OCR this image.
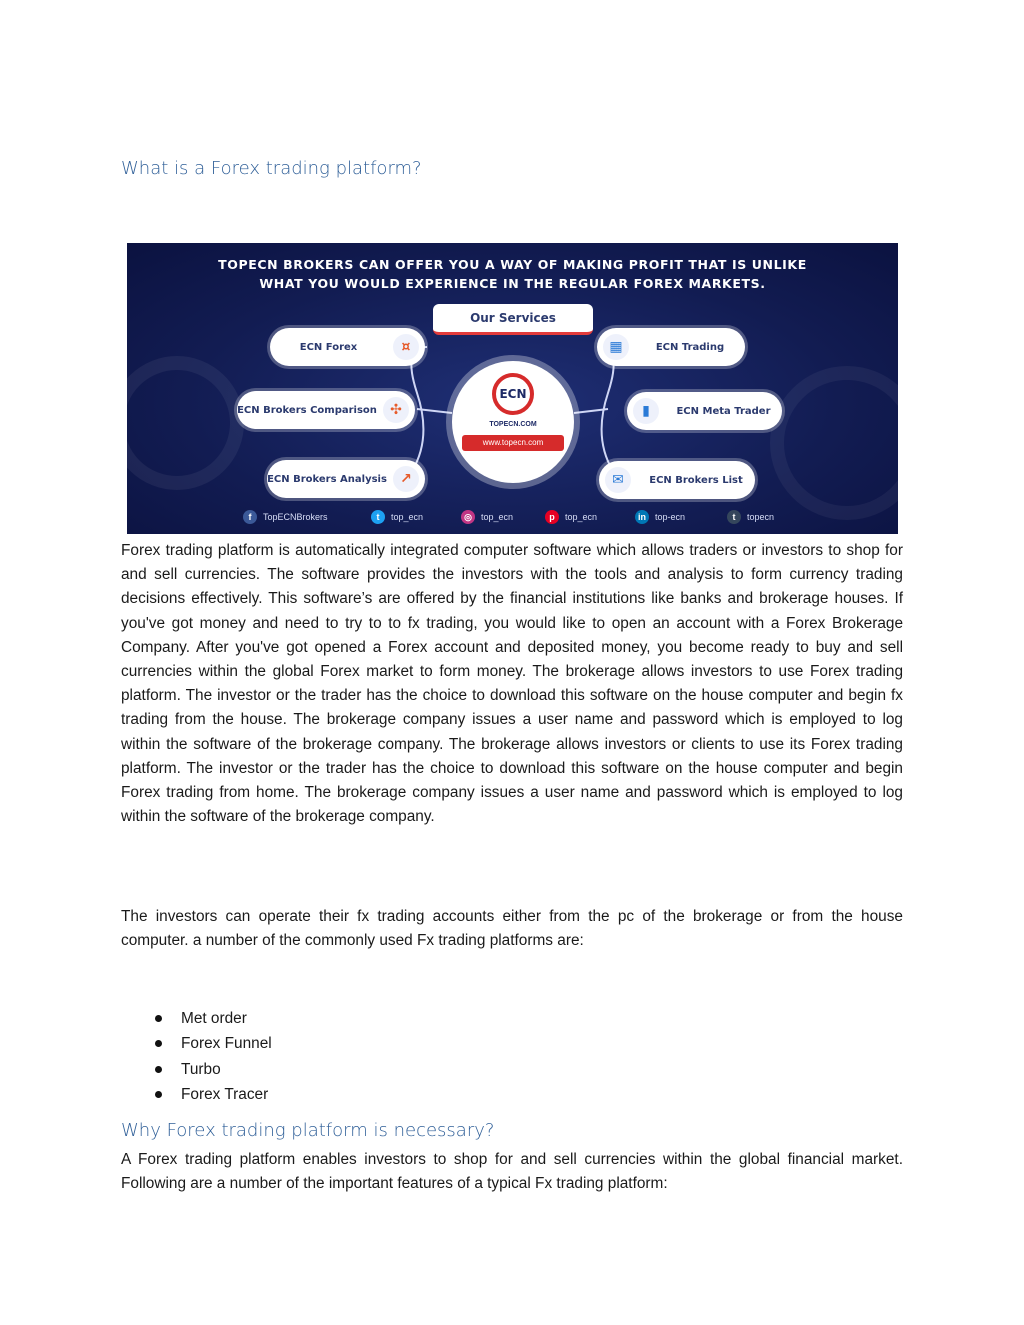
What is a Forex trading platform?
TOPECN BROKERS CAN OFFER YOU A WAY OF MAKING PROFIT THAT IS UNLIKE
WHAT YOU WOULD EXPERIENCE IN THE REGULAR FOREX MARKETS.
Our Services
ECN Forex	¤
ECN Brokers Comparison ✣
ECN Brokers Analysis ↗
▦	ECN Trading
▮	ECN Meta Trader
✉	ECN Brokers List
ECN
TOPECN.COM
www.topecn.com
f	TopECNBrokers	t	top_ecn	◎	top_ecn	p	top_ecn	in	top-ecn	t	topecn

Forex trading platform is automatically integrated computer software which allows traders or investors to shop for and sell currencies. The software provides the investors with the tools and analysis to form currency trading decisions effectively. This software’s are offered by the financial institutions like banks and brokerage houses. If you've got money and need to try to to fx trading, you would like to open an account with a Forex Brokerage Company. After you've got opened a Forex account and deposited money, you become ready to buy and sell currencies within the global Forex market to form money. The brokerage allows investors to use Forex trading platform. The investor or the trader has the choice to download this software on the house computer and begin fx trading from the house. The brokerage company issues a user name and password which is employed to log within the software of the brokerage company. The brokerage allows investors or clients to use its Forex trading platform. The investor or the trader has the choice to download this software on the house computer and begin Forex trading from home. The brokerage company issues a user name and password which is employed to log within the software of the brokerage company.

The investors can operate their fx trading accounts either from the pc of the brokerage or from the house computer. a number of the commonly used Fx trading platforms are:

Met order
Forex Funnel
Turbo
Forex Tracer
Why Forex trading platform is necessary?

A Forex trading platform enables investors to shop for and sell currencies within the global financial market. Following are a number of the important features of a typical Fx trading platform:
